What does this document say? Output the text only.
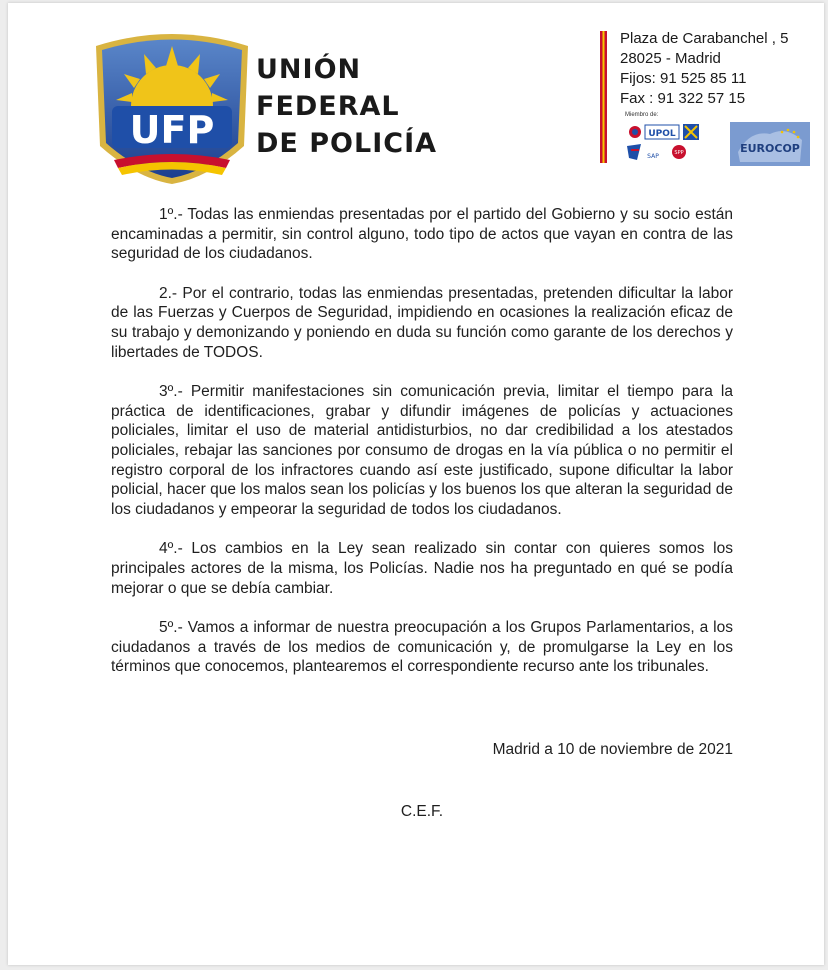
UFP
UNIÓN
FEDERAL
DE POLICÍA
Plaza de Carabanchel , 5
28025 - Madrid
Fijos: 91 525 85 11
Fax : 91 322 57 15
Miembro de:
UPOL
SAP	SPP	EUROCOP

1º.- Todas las enmiendas presentadas por el partido del Gobierno y su socio están encaminadas a permitir, sin control alguno, todo tipo de actos que vayan en contra de las seguridad de los ciudadanos.

2.- Por el contrario, todas las enmiendas presentadas, pretenden dificultar la labor de las Fuerzas y Cuerpos de Seguridad, impidiendo en ocasiones la realización eficaz de su trabajo y demonizando y poniendo en duda su función como garante de los derechos y libertades de TODOS.

3º.- Permitir manifestaciones sin comunicación previa, limitar el tiempo para la práctica de identificaciones, grabar y difundir imágenes de policías y actuaciones policiales, limitar el uso de material antidisturbios, no dar credibilidad a los atestados policiales, rebajar las sanciones por consumo de drogas en la vía pública o no permitir el registro corporal de los infractores cuando así este justificado, supone dificultar la labor policial, hacer que los malos sean los policías y los buenos los que alteran la seguridad de los ciudadanos y empeorar la seguridad de todos los ciudadanos.

4º.- Los cambios en la Ley sean realizado sin contar con quieres somos los principales actores de la misma, los Policías. Nadie nos ha preguntado en qué se podía mejorar o que se debía cambiar.

5º.- Vamos a informar de nuestra preocupación a los Grupos Parlamentarios, a los ciudadanos a través de los medios de comunicación y, de promulgarse la Ley en los términos que conocemos, plantearemos el correspondiente recurso ante los tribunales.

Madrid a 10 de noviembre de 2021
C.E.F.
